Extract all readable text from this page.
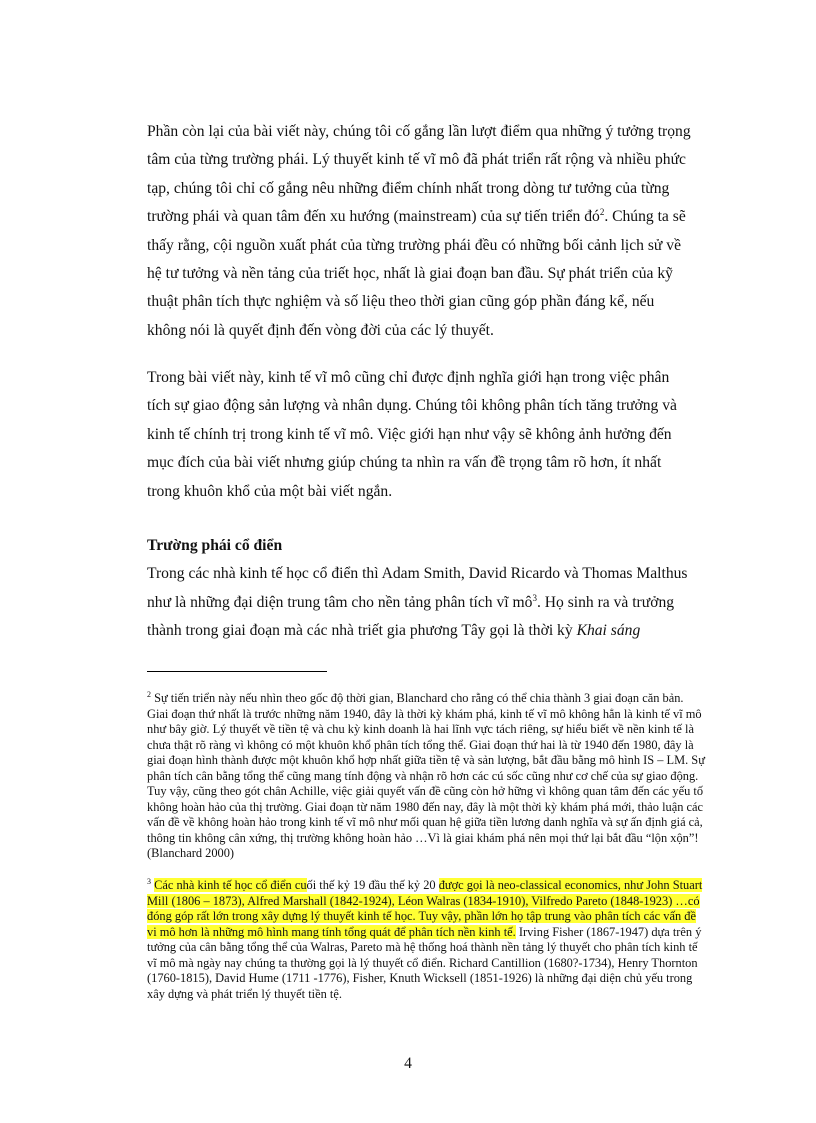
Phần còn lại của bài viết này, chúng tôi cố gắng lần lượt điểm qua những ý tưởng trọng tâm của từng trường phái. Lý thuyết kinh tế vĩ mô đã phát triển rất rộng và nhiều phức tạp, chúng tôi chỉ cố gắng nêu những điểm chính nhất trong dòng tư tưởng của từng trường phái và quan tâm đến xu hướng (mainstream) của sự tiến triển $đó^2$. Chúng ta sẽ thấy rằng, cội nguồn xuất phát của từng trường phái đều có những bối cảnh lịch sử về hệ tư tưởng và nền tảng của triết học, nhất là giai đoạn ban đầu. Sự phát triển của kỹ thuật phân tích thực nghiệm và số liệu theo thời gian cũng góp phần đáng kể, nếu không nói là quyết định đến vòng đời của các lý thuyết.

Trong bài viết này, kinh tế vĩ mô cũng chỉ được định nghĩa giới hạn trong việc phân tích sự giao động sản lượng và nhân dụng. Chúng tôi không phân tích tăng trưởng và kinh tế chính trị trong kinh tế vĩ mô. Việc giới hạn như vậy sẽ không ảnh hưởng đến mục đích của bài viết nhưng giúp chúng ta nhìn ra vấn đề trọng tâm rõ hơn, ít nhất trong khuôn khổ của một bài viết ngắn.

Trường phái cổ điển
Trong các nhà kinh tế học cổ điển thì Adam Smith, David Ricardo và Thomas Malthus như là những đại diện trung tâm cho nền tảng phân tích vĩ $mô^3$. Họ sinh ra và trưởng thành trong giai đoạn mà các nhà triết gia phương Tây gọi là thời kỳ Khai sáng

$^2$ Sự tiến triển này nếu nhìn theo gốc độ thời gian, Blanchard cho rằng có thể chia thành 3 giai đoạn căn bản. Giai đoạn thứ nhất là trước những năm 1940, đây là thời kỳ khám phá, kinh tế vĩ mô không hẳn là kinh tế vĩ mô như bây giờ. Lý thuyết về tiền tệ và chu kỳ kinh doanh là hai lĩnh vực tách riêng, sự hiểu biết về nền kinh tế là chưa thật rõ ràng vì không có một khuôn khổ phân tích tổng thể. Giai đoạn thứ hai là từ 1940 đến 1980, đây là giai đoạn hình thành được một khuôn khổ hợp nhất giữa tiền tệ và sản lượng, bắt đầu bằng mô hình IS – LM. Sự phân tích cân bằng tổng thể cũng mang tính động và nhận rõ hơn các cú sốc cũng như cơ chế của sự giao động. Tuy vậy, cũng theo gót chân Achille, việc giải quyết vấn đề cũng còn hở hững vì không quan tâm đến các yếu tố không hoàn hảo của thị trường. Giai đoạn từ năm 1980 đến nay, đây là một thời kỳ khám phá mới, thảo luận các vấn đề về không hoàn hảo trong kinh tế vĩ mô như mối quan hệ giữa tiền lương danh nghĩa và sự ấn định giá cả, thông tin không cân xứng, thị trường không hoàn hảo …Vì là giai khám phá nên mọi thứ lại bắt đầu “lộn xộn”! (Blanchard 2000)

$^3$ Các nhà kinh tế học cổ điển cuối thế kỷ 19 đầu thế kỷ 20 được gọi là neo-classical economics, như John Stuart Mill (1806 – 1873), Alfred Marshall (1842-1924), Léon Walras (1834-1910), Vilfredo Pareto (1848-1923) …có đóng góp rất lớn trong xây dựng lý thuyết kinh tế học. Tuy vậy, phần lớn họ tập trung vào phân tích các vấn đề vi mô hơn là những mô hình mang tính tổng quát để phân tích nền kinh tế. Irving Fisher (1867-1947) dựa trên ý tưởng của cân bằng tổng thể của Walras, Pareto mà hệ thống hoá thành nền tảng lý thuyết cho phân tích kinh tế vĩ mô mà ngày nay chúng ta thường gọi là lý thuyết cổ điển. Richard Cantillion (1680?-1734), Henry Thornton (1760-1815), David Hume (1711 -1776), Fisher, Knuth Wicksell (1851-1926) là những đại diện chủ yếu trong xây dựng và phát triển lý thuyết tiền tệ.

4
